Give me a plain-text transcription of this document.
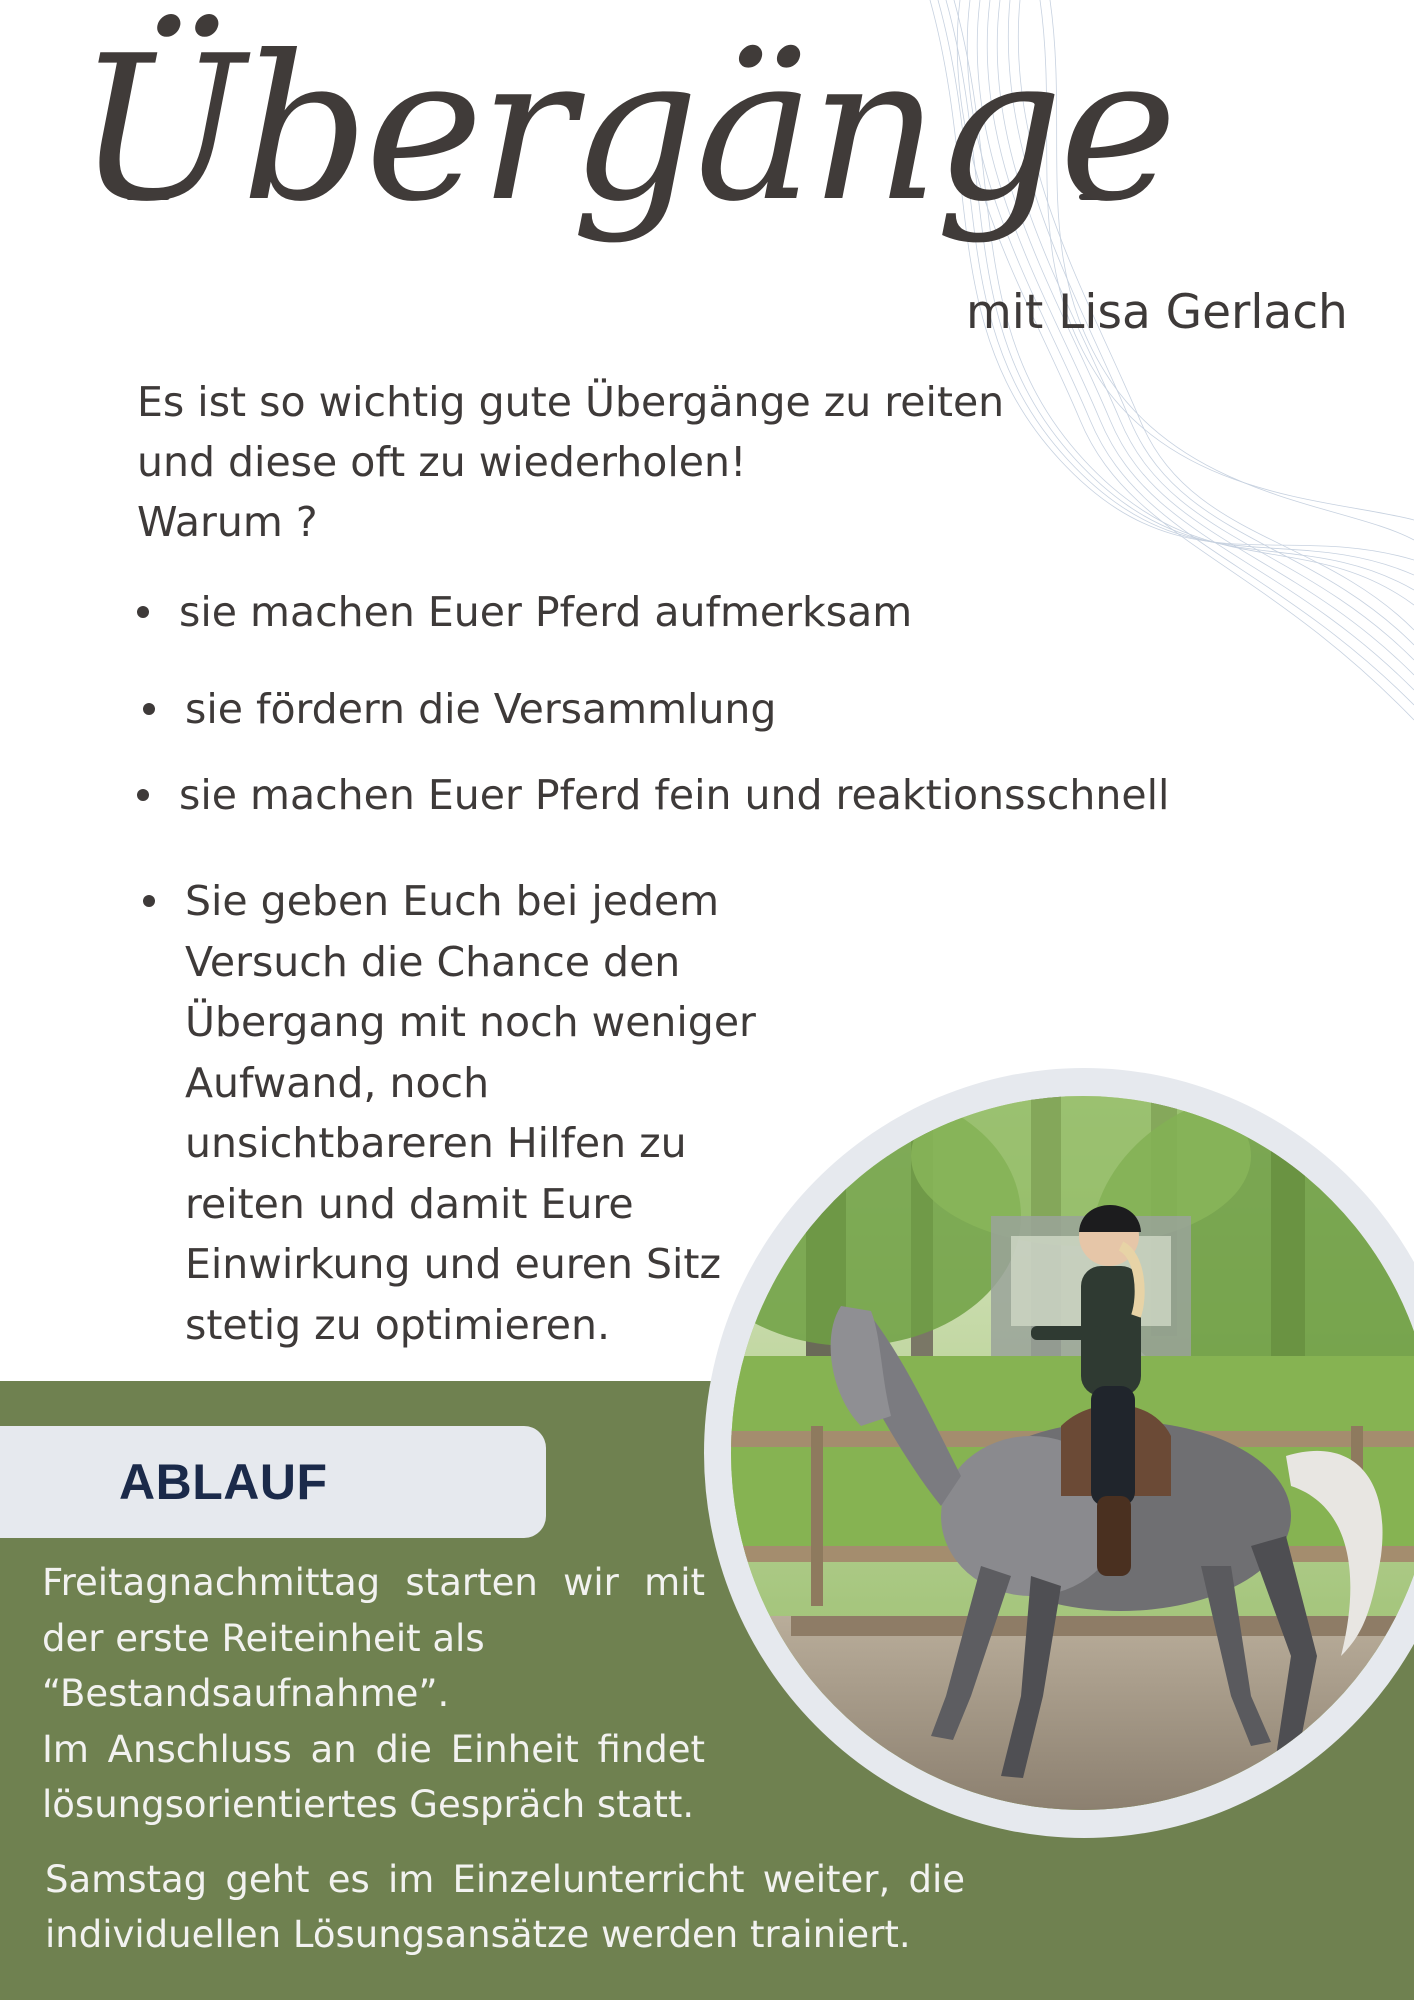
Übergänge
mit Lisa Gerlach
Es ist so wichtig gute Übergänge zu reiten
und diese oft zu wiederholen!
Warum ?
sie machen Euer Pferd aufmerksam
sie fördern die Versammlung
sie machen Euer Pferd fein und reaktionsschnell
Sie geben Euch bei jedem
Versuch die Chance den
Übergang mit noch weniger
Aufwand, noch
unsichtbareren Hilfen zu
reiten und damit Eure
Einwirkung und euren Sitz
stetig zu optimieren.
ABLAUF
Freitagnachmittag starten wir mit
der erste Reiteinheit als
“Bestandsaufnahme”.
Im Anschluss an die Einheit findet
lösungsorientiertes Gespräch statt.
Samstag geht es im Einzelunterricht weiter, die
individuellen Lösungsansätze werden trainiert.
